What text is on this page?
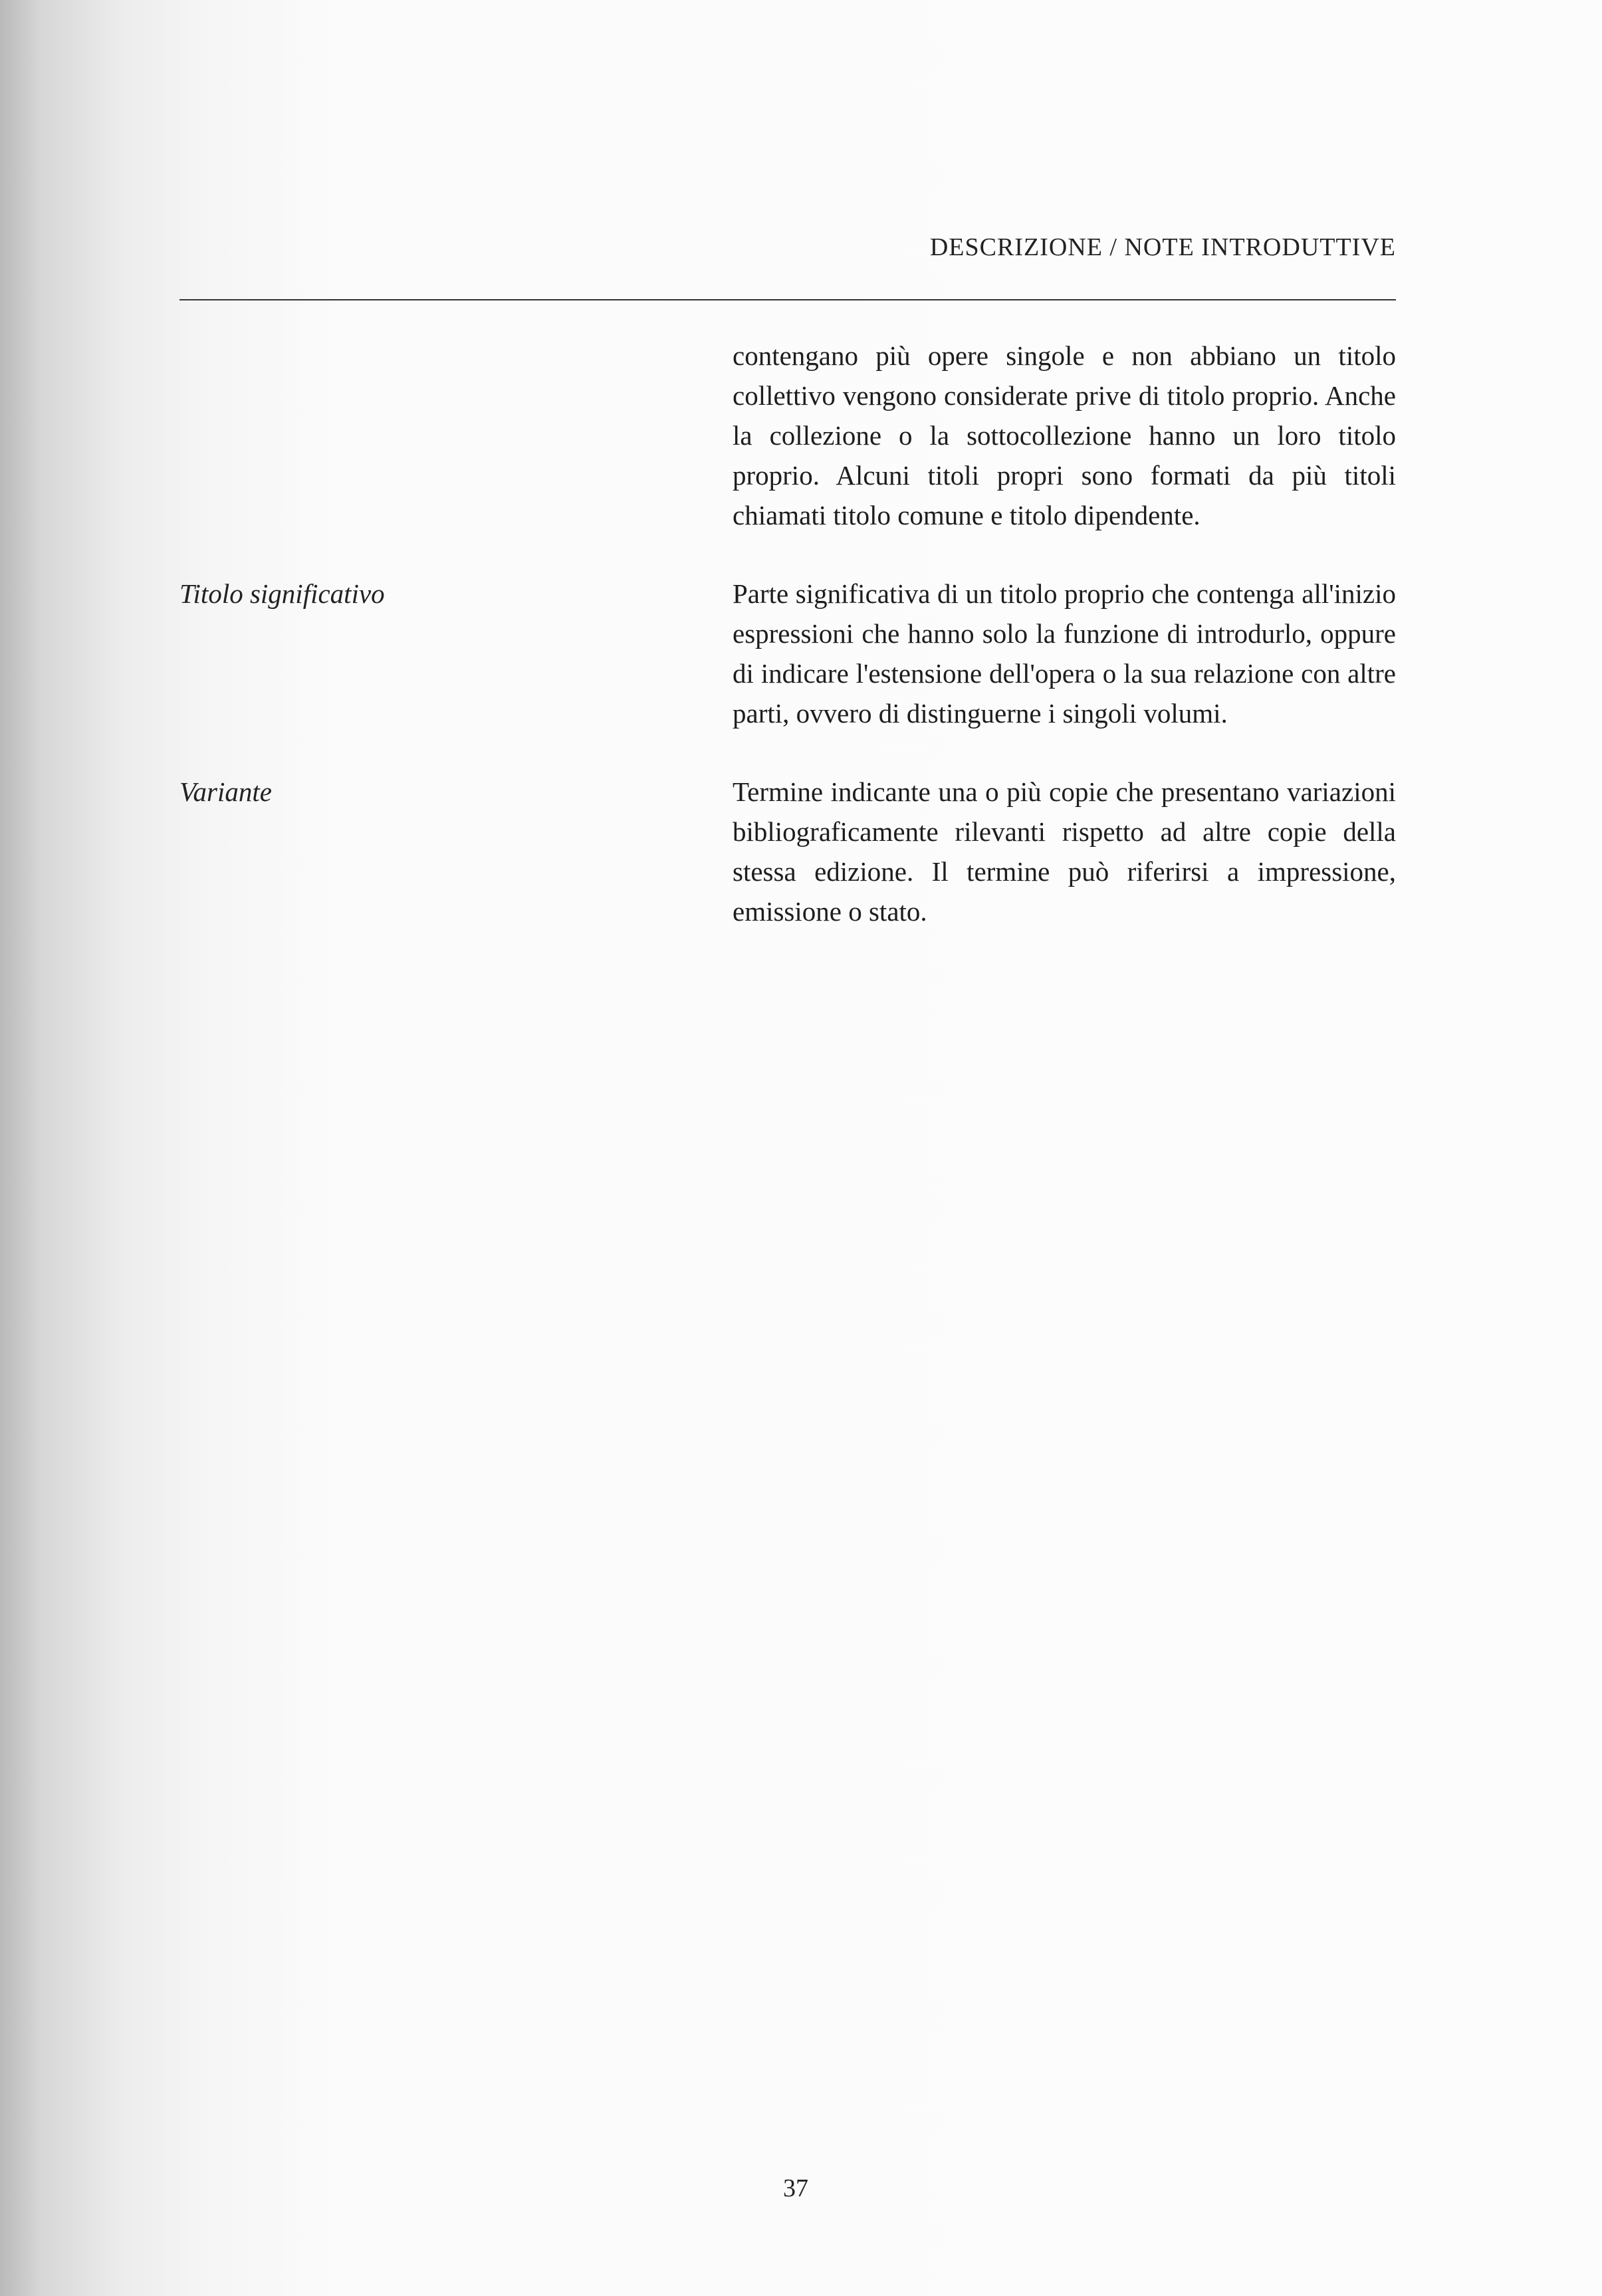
DESCRIZIONE / NOTE INTRODUTTIVE
contengano più opere singole e non abbiano un titolo collettivo vengono considerate prive di titolo proprio. Anche la collezione o la sottocollezione hanno un loro titolo proprio. Alcuni titoli propri sono formati da più titoli chiamati titolo comune e titolo dipendente.
Titolo significativo	Parte significativa di un titolo proprio che contenga all'inizio espressioni che hanno solo la funzione di introdurlo, oppure di indicare l'estensione dell'opera o la sua relazione con altre parti, ovvero di distinguerne i singoli volumi.
Variante	Termine indicante una o più copie che presentano variazioni bibliograficamente rilevanti rispetto ad altre copie della stessa edizione. Il termine può riferirsi a impressione, emissione o stato.
37
